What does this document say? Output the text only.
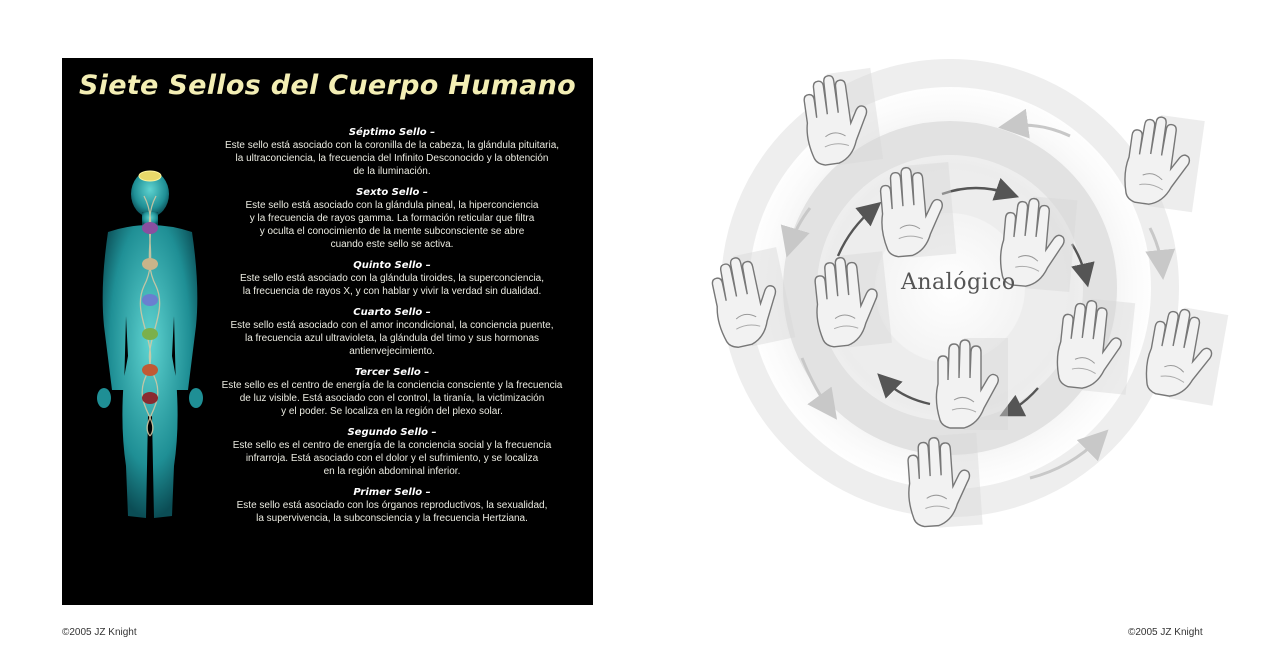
Siete Sellos del Cuerpo Humano
Séptimo Sello –
Este sello está asociado con la coronilla de la cabeza, la glándula pituitaria,
la ultraconciencia, la frecuencia del Infinito Desconocido y la obtención
de la iluminación.
Sexto Sello –
Este sello está asociado con la glándula pineal, la hiperconciencia
y la frecuencia de rayos gamma. La formación reticular que filtra
y oculta el conocimiento de la mente subconsciente se abre
cuando este sello se activa.
Quinto Sello –
Este sello está asociado con la glándula tiroides, la superconciencia,
la frecuencia de rayos X, y con hablar y vivir la verdad sin dualidad.
Cuarto Sello –
Este sello está asociado con el amor incondicional, la conciencia puente,
la frecuencia azul ultravioleta, la glándula del timo y sus hormonas
antienvejecimiento.
Tercer Sello –
Este sello es el centro de energía de la conciencia consciente y la frecuencia
de luz visible. Está asociado con el control, la tiranía, la victimización
y el poder. Se localiza en la región del plexo solar.
Segundo Sello –
Este sello es el centro de energía de la conciencia social y la frecuencia
infrarroja. Está asociado con el dolor y el sufrimiento, y se localiza
en la región abdominal inferior.
Primer Sello –
Este sello está asociado con los órganos reproductivos, la sexualidad,
la supervivencia, la subconsciencia y la frecuencia Hertziana.
Analógico
©2005 JZ Knight	©2005 JZ Knight
